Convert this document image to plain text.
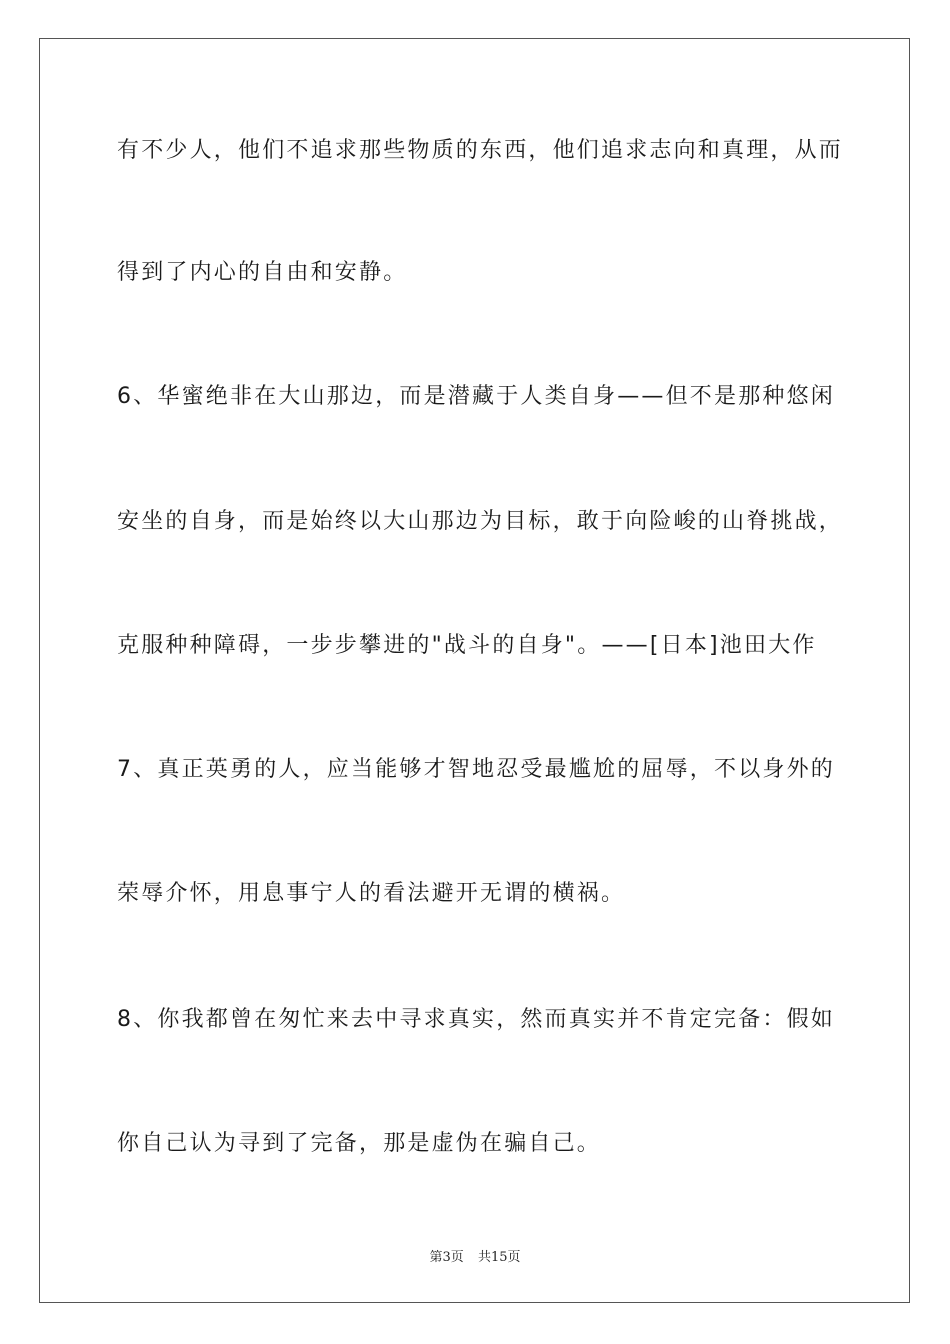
有不少人，他们不追求那些物质的东西，他们追求志向和真理，从而
得到了内心的自由和安静。
6、华蜜绝非在大山那边，而是潜藏于人类自身——但不是那种悠闲
安坐的自身，而是始终以大山那边为目标，敢于向险峻的山脊挑战，
克服种种障碍，一步步攀进的"战斗的自身"。——[日本]池田大作
7、真正英勇的人，应当能够才智地忍受最尴尬的屈辱，不以身外的
荣辱介怀，用息事宁人的看法避开无谓的横祸。
8、你我都曾在匆忙来去中寻求真实，然而真实并不肯定完备：假如
你自己认为寻到了完备，那是虚伪在骗自己。
第3页 共15页
